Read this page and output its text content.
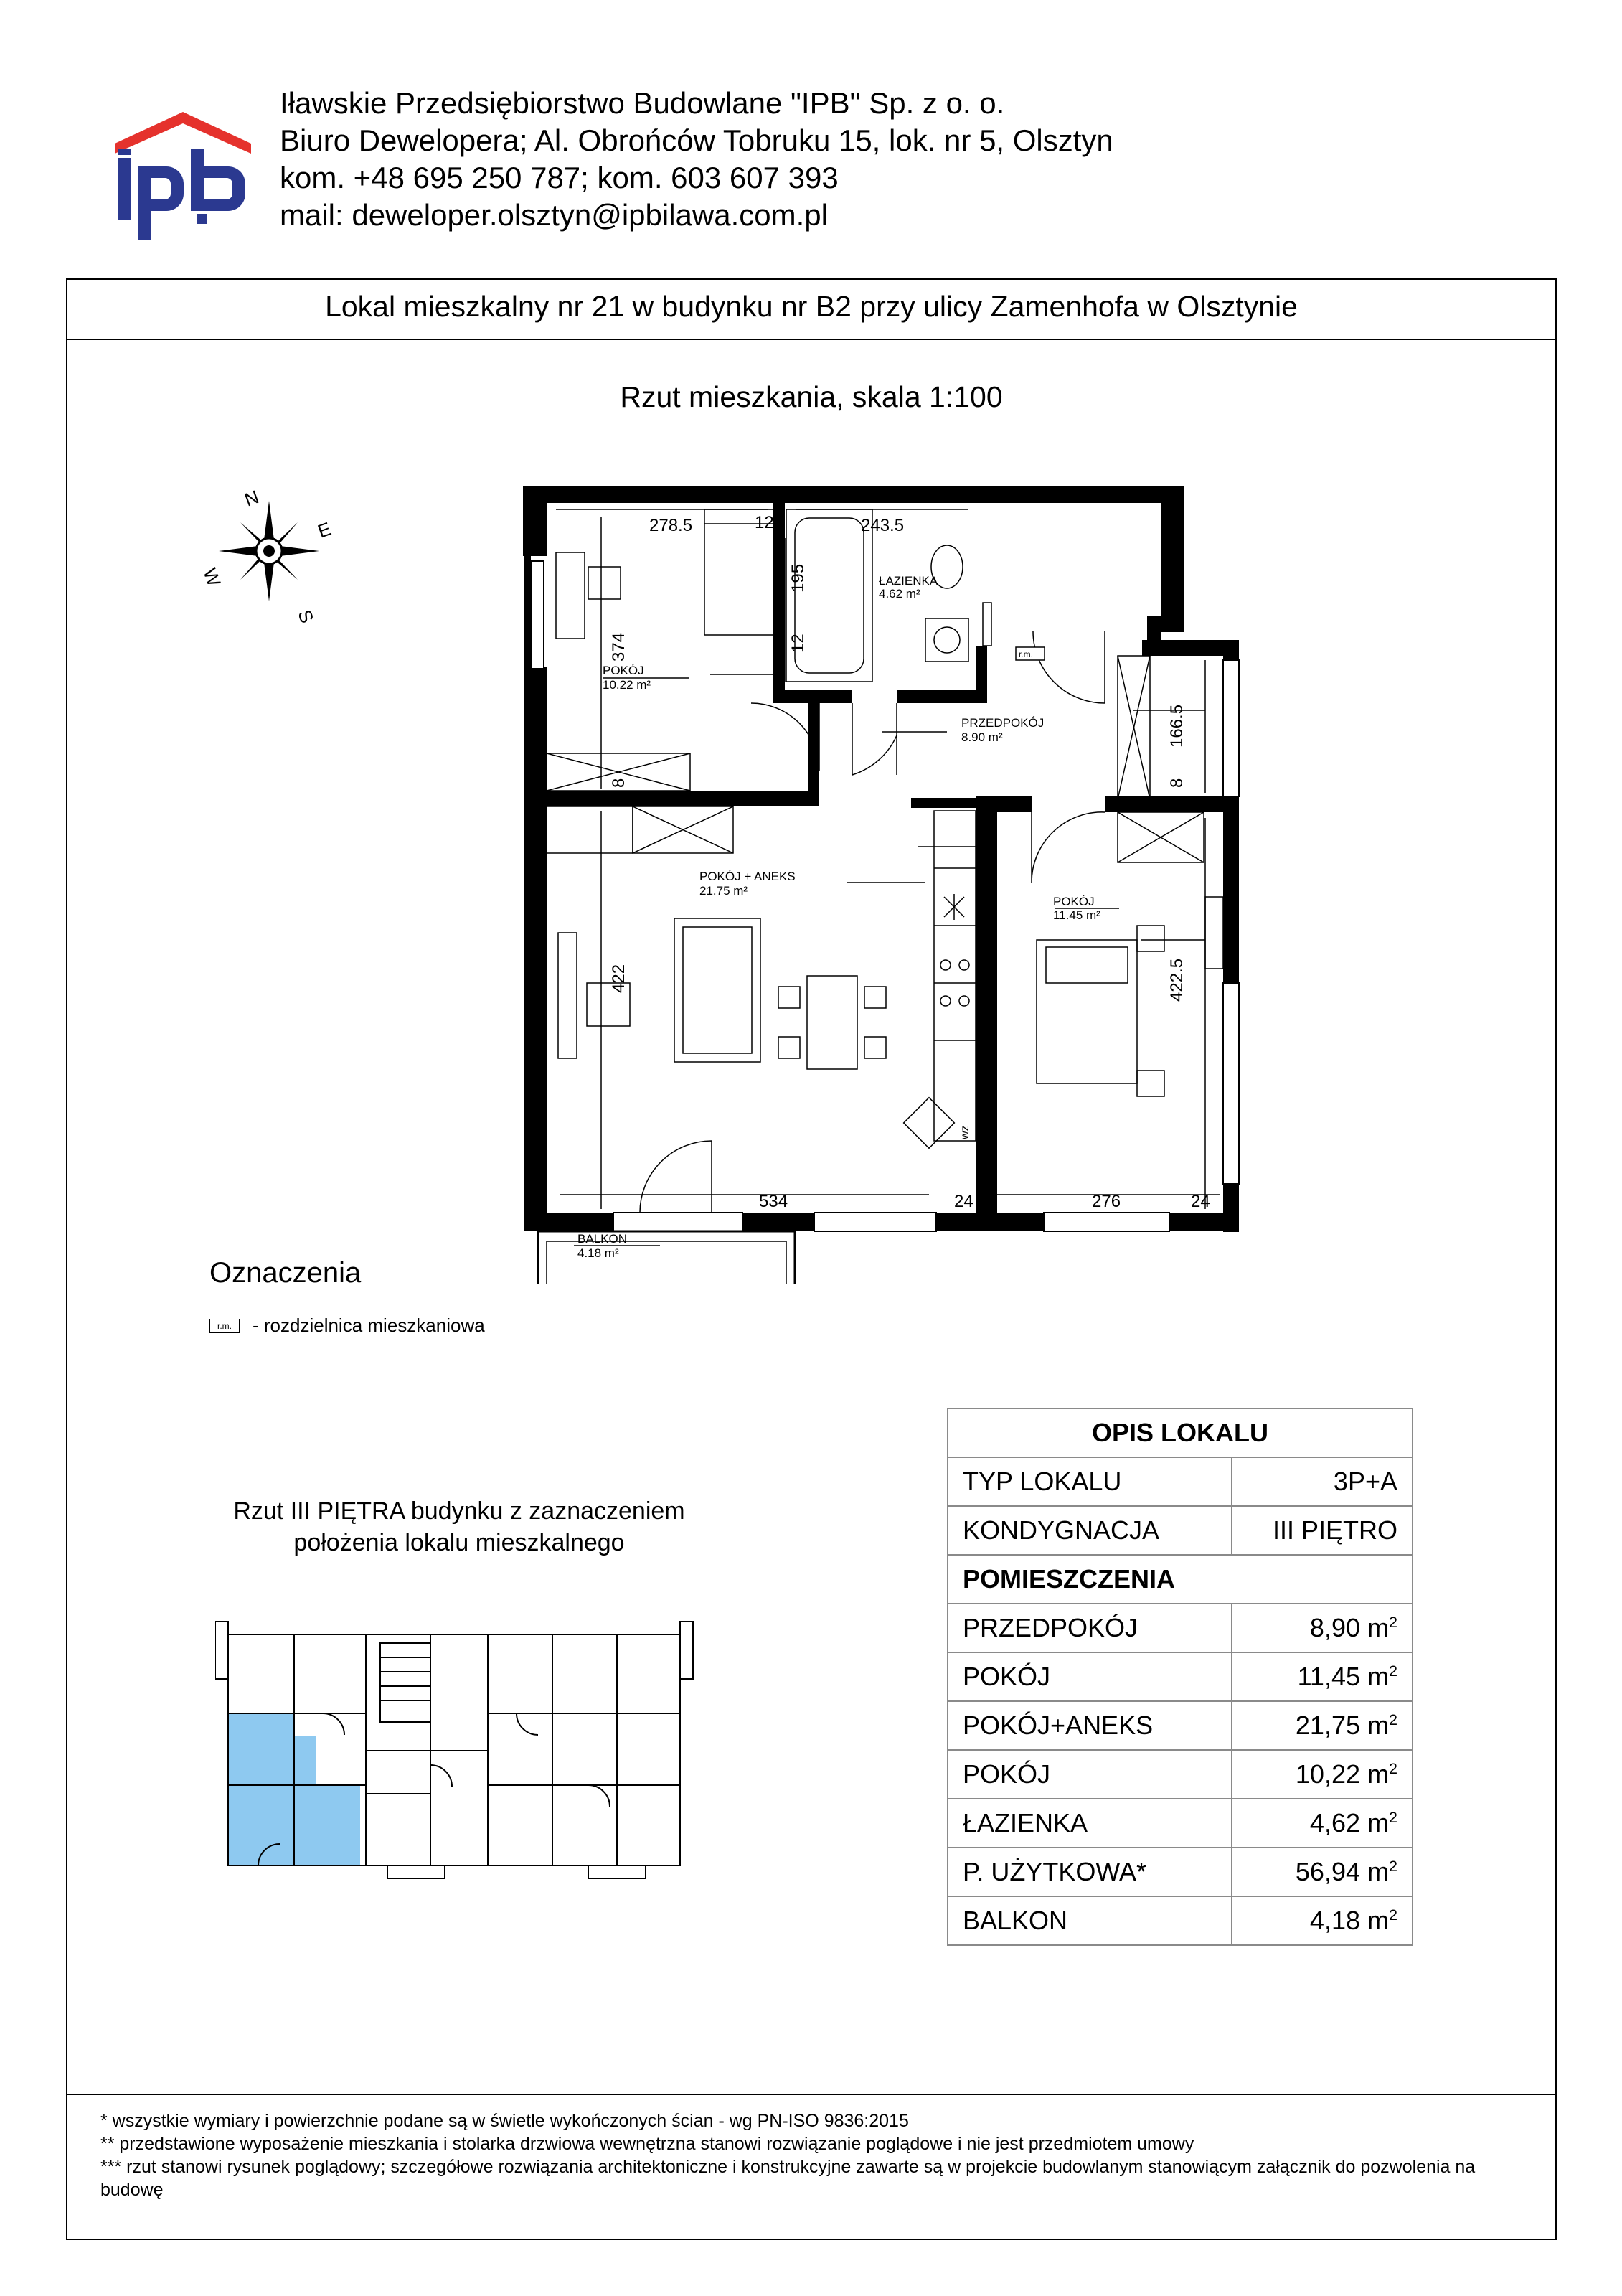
Iławskie Przedsiębiorstwo Budowlane "IPB" Sp. z o. o.
Biuro Dewelopera; Al. Obrońców Tobruku 15, lok. nr 5, Olsztyn
kom. +48 695 250 787; kom. 603 607 393
mail: deweloper.olsztyn@ipbilawa.com.pl
Lokal mieszkalny nr 21 w budynku nr B2 przy ulicy Zamenhofa w Olsztynie
Rzut mieszkania, skala 1:100
N
E
S
W
r.m.
POKÓJ
10.22 m²
ŁAZIENKA
4.62 m²
PRZEDPOKÓJ
8.90 m²
POKÓJ + ANEKS
21.75 m²
POKÓJ
11.45 m²
BALKON
4.18 m²
278.5	12	243.5
195
12
374
8
166.5
8
422	422.5
534	24	276	24
wz
Oznaczenia
r.m.	- rozdzielnica mieszkaniowa
Rzut III PIĘTRA budynku z zaznaczeniem
położenia lokalu mieszkalnego
OPIS LOKALU	
TYP LOKALU	3P+A
KONDYGNACJA	III PIĘTRO
POMIESZCZENIA	
PRZEDPOKÓJ	8,90 $m^2$
POKÓJ	11,45 $m^2$
POKÓJ+ANEKS	21,75 $m^2$
POKÓJ	10,22 $m^2$
ŁAZIENKA	4,62 $m^2$
P. UŻYTKOWA*	56,94 $m^2$
BALKON	4,18 $m^2$
* wszystkie wymiary i powierzchnie podane są w świetle wykończonych ścian - wg PN-ISO 9836:2015
** przedstawione wyposażenie mieszkania i stolarka drzwiowa wewnętrzna stanowi rozwiązanie poglądowe i nie jest przedmiotem umowy
*** rzut stanowi rysunek poglądowy; szczegółowe rozwiązania architektoniczne i konstrukcyjne zawarte są w projekcie budowlanym stanowiącym załącznik do pozwolenia na budowę
